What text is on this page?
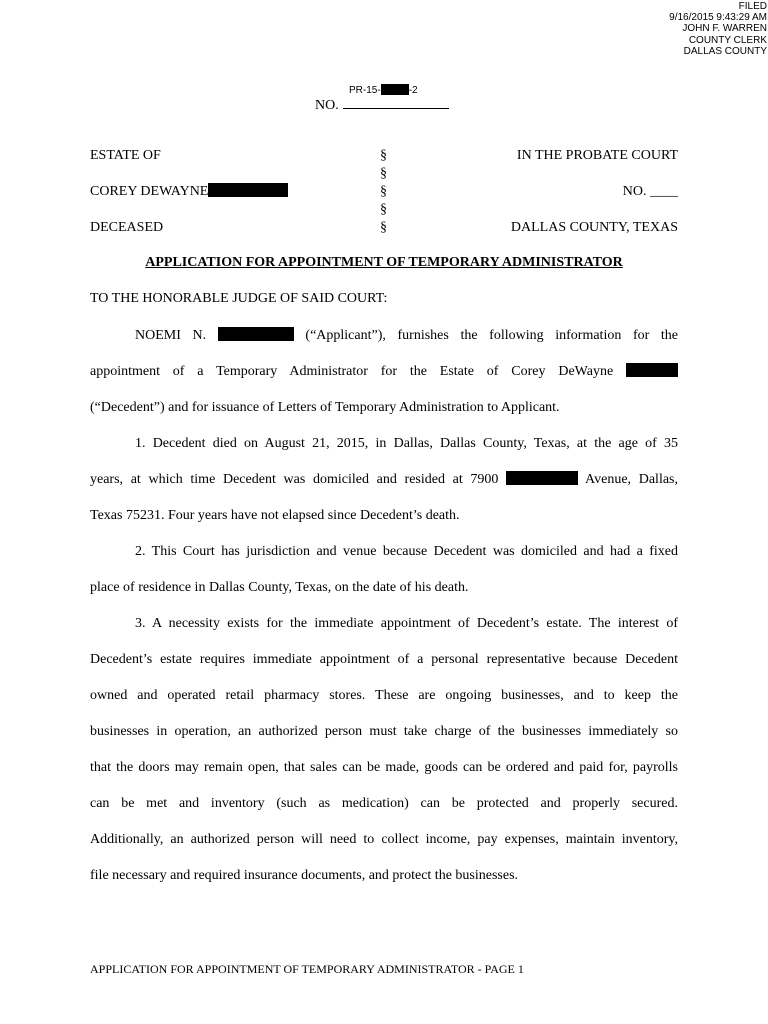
FILED
9/16/2015 9:43:29 AM
JOHN F. WARREN
COUNTY CLERK
DALLAS COUNTY
PR-15-	-2
NO.
ESTATE OF	§	IN THE PROBATE COURT
§
COREY DEWAYNE	§	NO. ____
§
DECEASED	§	DALLAS COUNTY, TEXAS
APPLICATION FOR APPOINTMENT OF TEMPORARY ADMINISTRATOR
TO THE HONORABLE JUDGE OF SAID COURT:
NOEMI N.	(“Applicant”), furnishes the following information for the
appointment of a Temporary Administrator for the Estate of Corey DeWayne
(“Decedent”) and for issuance of Letters of Temporary Administration to Applicant.
1. Decedent died on August 21, 2015, in Dallas, Dallas County, Texas, at the age of 35
years, at which time Decedent was domiciled and resided at 7900	Avenue, Dallas,
Texas 75231. Four years have not elapsed since Decedent’s death.
2. This Court has jurisdiction and venue because Decedent was domiciled and had a fixed
place of residence in Dallas County, Texas, on the date of his death.
3. A necessity exists for the immediate appointment of Decedent’s estate. The interest of
Decedent’s estate requires immediate appointment of a personal representative because Decedent
owned and operated retail pharmacy stores. These are ongoing businesses, and to keep the
businesses in operation, an authorized person must take charge of the businesses immediately so
that the doors may remain open, that sales can be made, goods can be ordered and paid for, payrolls
can be met and inventory (such as medication) can be protected and properly secured.
Additionally, an authorized person will need to collect income, pay expenses, maintain inventory,
file necessary and required insurance documents, and protect the businesses.
APPLICATION FOR APPOINTMENT OF TEMPORARY ADMINISTRATOR - PAGE 1
